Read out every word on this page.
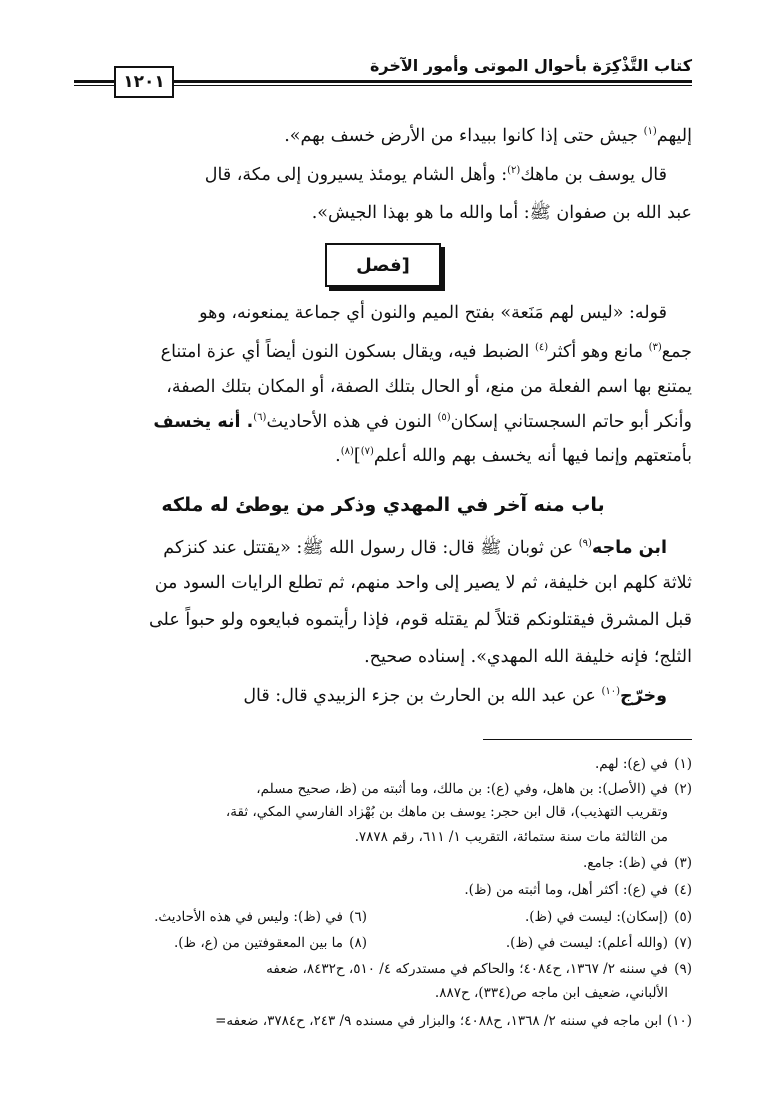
كتاب التَّذْكِرَة بأحوال الموتى وأمور الآخرة
١٢٠١
إليهم$^{(١)}$ جيش حتى إذا كانوا ببيداء من الأرض خسف بهم».
قال يوسف بن ماهك$^{(٢)}$: وأهل الشام يومئذ يسيرون إلى مكة، قال
عبد الله بن صفوان ﷺ: أما والله ما هو بهذا الجيش».
[فصل
قوله: «ليس لهم مَنَعة» بفتح الميم والنون أي جماعة يمنعونه، وهو
جمع$^{(٣)}$ مانع وهو أكثر$^{(٤)}$ الضبط فيه، ويقال بسكون النون أيضاً أي عزة امتناع
يمتنع بها اسم الفعلة من منع، أو الحال بتلك الصفة، أو المكان بتلك الصفة،
وأنكر أبو حاتم السجستاني إسكان$^{(٥)}$ النون في هذه الأحاديث$^{(٦)}$. أنه يخسف
بأمتعتهم وإنما فيها أنه يخسف بهم والله أعلم$^{(٧)}$]$^{(٨)}$.
باب منه آخر في المهدي وذكر من يوطئ له ملكه
ابن ماجه$^{(٩)}$ عن ثوبان ﷺ قال: قال رسول الله ﷺ: «يقتتل عند كنزكم
ثلاثة كلهم ابن خليفة، ثم لا يصير إلى واحد منهم، ثم تطلع الرايات السود من
قبل المشرق فيقتلونكم قتلاً لم يقتله قوم، فإذا رأيتموه فبايعوه ولو حبواً على
الثلج؛ فإنه خليفة الله المهدي». إسناده صحيح.
وخرّج$^{(١٠)}$ عن عبد الله بن الحارث بن جزء الزبيدي قال: قال
(١)في (ع): لهم.
(٢)في (الأصل): بن هاهل، وفي (ع): بن مالك، وما أثبته من (ظ، صحيح مسلم،
وتقريب التهذيب)، قال ابن حجر: يوسف بن ماهك بن بُهْزاد الفارسي المكي، ثقة،
من الثالثة مات سنة ستمائة، التقريب ١/ ٦١١، رقم ٧٨٧٨.
(٣)في (ظ): جامع.
(٤)في (ع): أكثر أهل، وما أثبته من (ظ).
(٥)(إسكان): ليست في (ظ).
(٦)في (ظ): وليس في هذه الأحاديث.
(٧)(والله أعلم): ليست في (ظ).
(٨)ما بين المعقوفتين من (ع، ظ).
(٩)في سننه ٢/ ١٣٦٧، ح٤٠٨٤؛ والحاكم في مستدركه ٤/ ٥١٠، ح٨٤٣٢، ضعفه
الألباني، ضعيف ابن ماجه ص(٣٣٤)، ح٨٨٧.
(١٠)ابن ماجه في سننه ٢/ ١٣٦٨، ح٤٠٨٨؛ والبزار في مسنده ٩/ ٢٤٣، ح٣٧٨٤، ضعفه=
